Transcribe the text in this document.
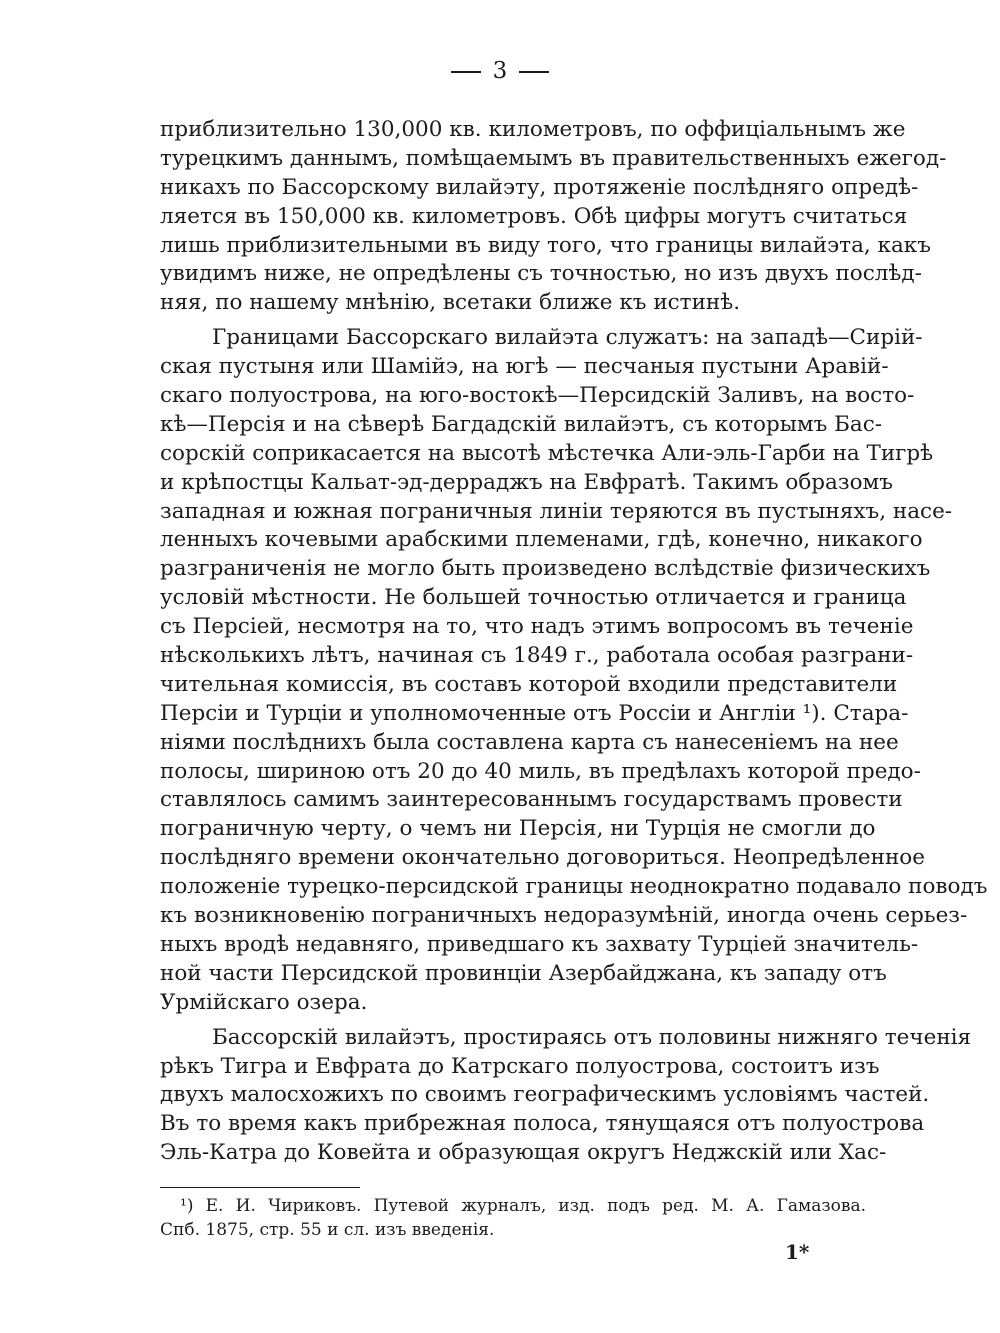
3
приблизительно 130,000 кв. километровъ, по оффиціальнымъ же
турецкимъ даннымъ, помѣщаемымъ въ правительственныхъ ежегод-
никахъ по Бассорскому вилайэту, протяженіе послѣдняго опредѣ-
ляется въ 150,000 кв. километровъ. Обѣ цифры могутъ считаться
лишь приблизительными въ виду того, что границы вилайэта, какъ
увидимъ ниже, не опредѣлены съ точностью, но изъ двухъ послѣд-
няя, по нашему мнѣнію, всетаки ближе къ истинѣ.
Границами Бассорскаго вилайэта служатъ: на западѣ—Сирій-
ская пустыня или Шамійэ, на югѣ — песчаныя пустыни Аравій-
скаго полуострова, на юго-востокѣ—Персидскій Заливъ, на восто-
кѣ—Персія и на сѣверѣ Багдадскій вилайэтъ, съ которымъ Бас-
сорскій соприкасается на высотѣ мѣстечка Али-эль-Гарби на Тигрѣ
и крѣпостцы Кальат-эд-дерраджъ на Евфратѣ. Такимъ образомъ
западная и южная пограничныя линіи теряются въ пустыняхъ, насе-
ленныхъ кочевыми арабскими племенами, гдѣ, конечно, никакого
разграниченія не могло быть произведено вслѣдствіе физическихъ
условій мѣстности. Не большей точностью отличается и граница
съ Персіей, несмотря на то, что надъ этимъ вопросомъ въ теченіе
нѣсколькихъ лѣтъ, начиная съ 1849 г., работала особая разграни-
чительная комиссія, въ составъ которой входили представители
Персіи и Турціи и уполномоченные отъ Россіи и Англіи ¹). Стара-
ніями послѣднихъ была составлена карта съ нанесеніемъ на нее
полосы, шириною отъ 20 до 40 миль, въ предѣлахъ которой предо-
ставлялось самимъ заинтересованнымъ государствамъ провести
пограничную черту, о чемъ ни Персія, ни Турція не смогли до
послѣдняго времени окончательно договориться. Неопредѣленное
положеніе турецко-персидской границы неоднократно подавало поводъ
къ возникновенію пограничныхъ недоразумѣній, иногда очень серьез-
ныхъ вродѣ недавняго, приведшаго къ захвату Турціей значитель-
ной части Персидской провинціи Азербайджана, къ западу отъ
Урмійскаго озера.
Бассорскій вилайэтъ, простираясь отъ половины нижняго теченія
рѣкъ Тигра и Евфрата до Катрскаго полуострова, состоитъ изъ
двухъ малосхожихъ по своимъ географическимъ условіямъ частей.
Въ то время какъ прибрежная полоса, тянущаяся отъ полуострова
Эль-Катра до Ковейта и образующая округъ Неджскій или Хас-
¹) Е. И. Чириковъ. Путевой журналъ, изд. подъ ред. М. А. Гамазова.
Спб. 1875, стр. 55 и сл. изъ введенія.
1*
